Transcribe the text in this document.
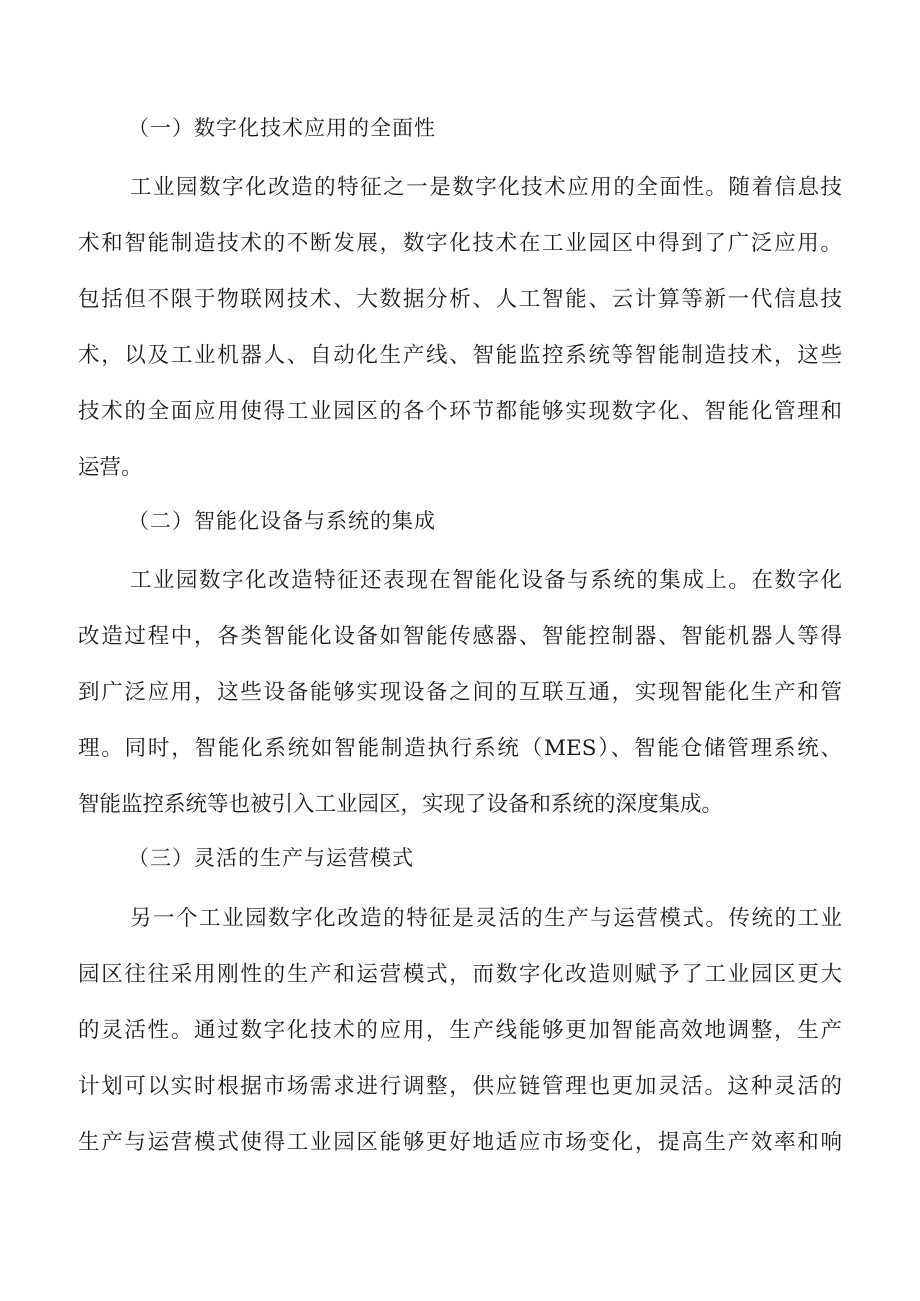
（一）数字化技术应用的全面性
工业园数字化改造的特征之一是数字化技术应用的全面性。随着信息技
术和智能制造技术的不断发展，数字化技术在工业园区中得到了广泛应用。
包括但不限于物联网技术、大数据分析、人工智能、云计算等新一代信息技
术，以及工业机器人、自动化生产线、智能监控系统等智能制造技术，这些
技术的全面应用使得工业园区的各个环节都能够实现数字化、智能化管理和
运营。
（二）智能化设备与系统的集成
工业园数字化改造特征还表现在智能化设备与系统的集成上。在数字化
改造过程中，各类智能化设备如智能传感器、智能控制器、智能机器人等得
到广泛应用，这些设备能够实现设备之间的互联互通，实现智能化生产和管
理。同时，智能化系统如智能制造执行系统（MES）、智能仓储管理系统、
智能监控系统等也被引入工业园区，实现了设备和系统的深度集成。
（三）灵活的生产与运营模式
另一个工业园数字化改造的特征是灵活的生产与运营模式。传统的工业
园区往往采用刚性的生产和运营模式，而数字化改造则赋予了工业园区更大
的灵活性。通过数字化技术的应用，生产线能够更加智能高效地调整，生产
计划可以实时根据市场需求进行调整，供应链管理也更加灵活。这种灵活的
生产与运营模式使得工业园区能够更好地适应市场变化，提高生产效率和响
